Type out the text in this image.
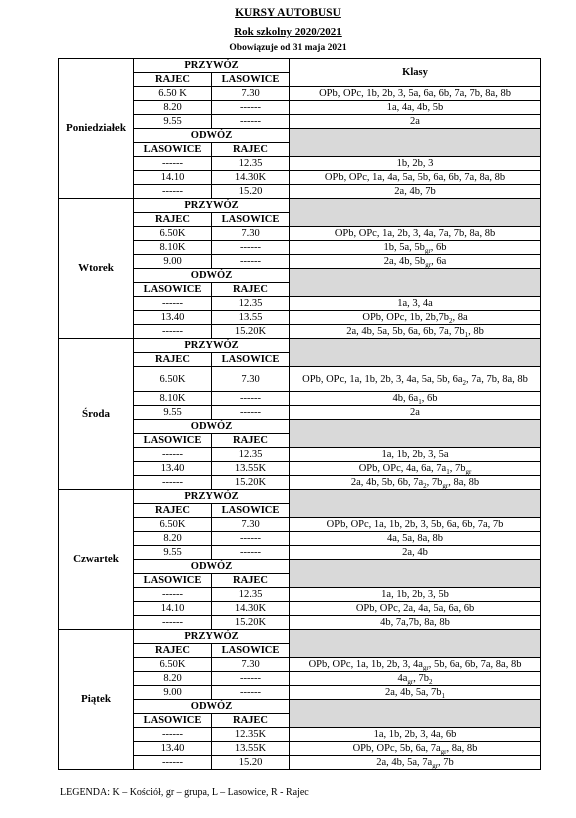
KURSY AUTOBUSU
Rok szkolny 2020/2021
Obowiązuje od 31 maja 2021
Poniedziałek	PRZYWÓZ		Klasy
	RAJEC	LASOWICE	
	6.50 K	7.30	OPb, OPc, 1b, 2b, 3, 5a, 6a, 6b, 7a, 7b, 8a, 8b
	8.20	------	1a, 4a, 4b, 5b
	9.55	------	2a
	ODWÓZ		
	LASOWICE	RAJEC	
	------	12.35	1b, 2b, 3
	14.10	14.30K	OPb, OPc, 1a, 4a, 5a, 5b, 6a, 6b, 7a, 8a, 8b
	------	15.20	2a, 4b, 7b
Wtorek	PRZYWÓZ		
	RAJEC	LASOWICE	
	6.50K	7.30	OPb, OPc, 1a, 2b, 3, 4a, 7a, 7b, 8a, 8b
	8.10K	------	1b, 5a, $5b_{gr}$, 6b
	9.00	------	2a, 4b, $5b_{gr}$, 6a
	ODWÓZ		
	LASOWICE	RAJEC	
	------	12.35	1a, 3, 4a
	13.40	13.55	OPb, OPc, 1b, $2b,7b_2$, 8a
	------	15.20K	2a, 4b, 5a, 5b, 6a, 6b, 7a, $7b_1$, 8b
Środa	PRZYWÓZ		
	RAJEC	LASOWICE	
	6.50K	7.30	OPb, OPc, 1a, 1b, 2b, 3, 4a, 5a, 5b, $6a_2$, 7a, 7b, 8a, 8b
	8.10K	------	4b, $6a_1$, 6b
	9.55	------	2a
	ODWÓZ		
	LASOWICE	RAJEC	
	------	12.35	1a, 1b, 2b, 3, 5a
	13.40	13.55K	OPb, OPc, 4a, 6a, $7a_1$, $7b_{gr}$
	------	15.20K	2a, 4b, 5b, 6b, $7a_2$, $7b_{gr}$, 8a, 8b
Czwartek	PRZYWÓZ		
	RAJEC	LASOWICE	
	6.50K	7.30	OPb, OPc, 1a, 1b, 2b, 3, 5b, 6a, 6b, 7a, 7b
	8.20	------	4a, 5a, 8a, 8b
	9.55	------	2a, 4b
	ODWÓZ		
	LASOWICE	RAJEC	
	------	12.35	1a, 1b, 2b, 3, 5b
	14.10	14.30K	OPb, OPc, 2a, 4a, 5a, 6a, 6b
	------	15.20K	4b, 7a,7b, 8a, 8b
Piątek	PRZYWÓZ		
	RAJEC	LASOWICE	
	6.50K	7.30	OPb, OPc, 1a, 1b, 2b, 3, $4a_{gr}$, 5b, 6a, 6b, 7a, 8a, 8b
	8.20	------	$4a_{gr}$, $7b_2$
	9.00	------	2a, 4b, 5a, $7b_1$
	ODWÓZ		
	LASOWICE	RAJEC	
	------	12.35K	1a, 1b, 2b, 3, 4a, 6b
	13.40	13.55K	OPb, OPc, 5b, 6a, $7a_{gr}$, 8a, 8b
	------	15.20	2a, 4b, 5a, $7a_{gr}$, 7b
LEGENDA: K – Kościół, gr – grupa, L – Lasowice, R - Rajec
